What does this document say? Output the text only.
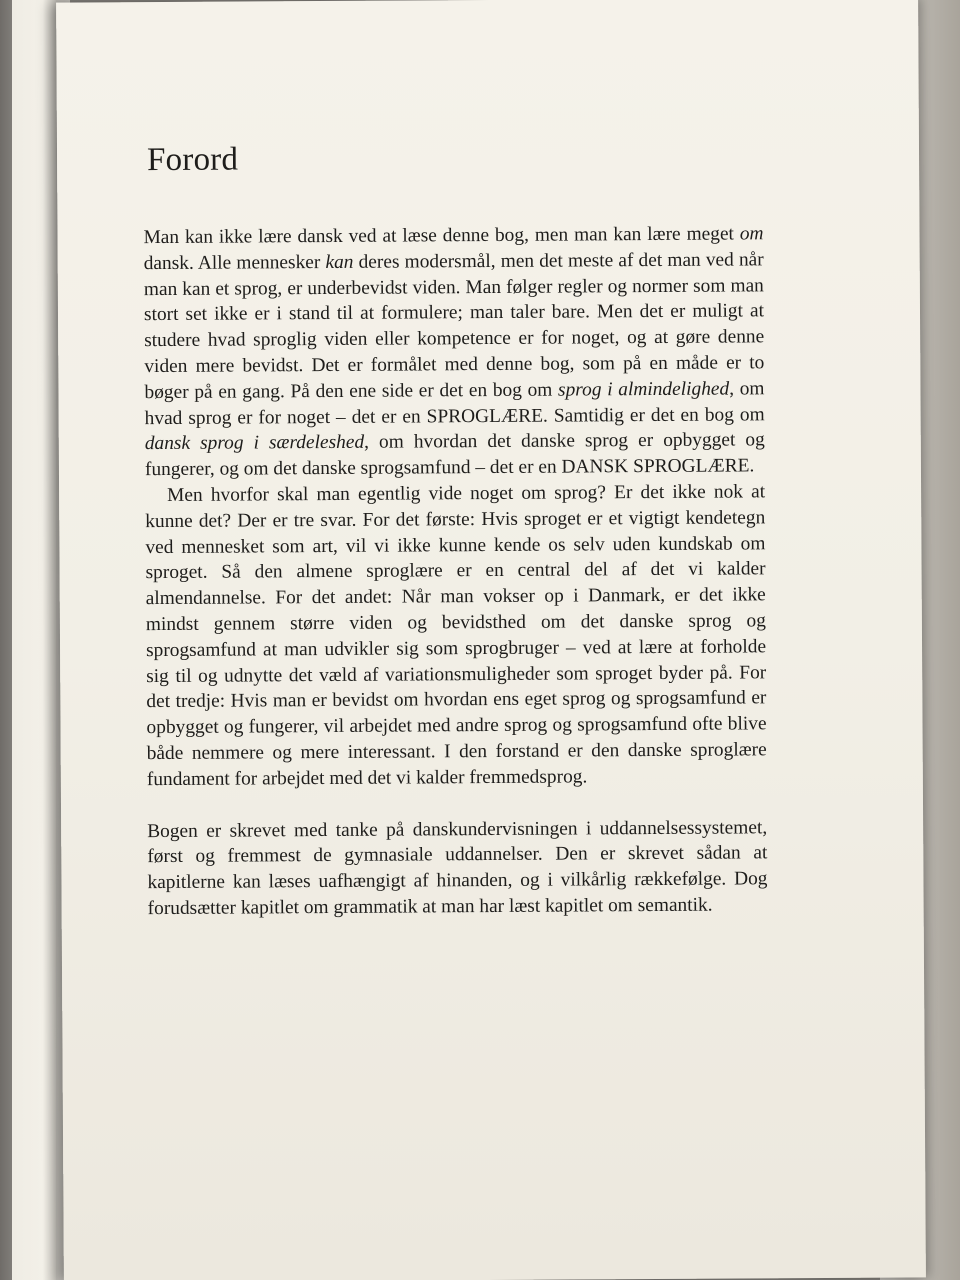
Forord

Man kan ikke lære dansk ved at læse denne bog, men man kan lære meget om dansk. Alle mennesker kan deres modersmål, men det meste af det man ved når man kan et sprog, er underbevidst viden. Man følger regler og normer som man stort set ikke er i stand til at formulere; man taler bare. Men det er muligt at studere hvad sproglig viden eller kompetence er for noget, og at gøre denne viden mere bevidst. Det er formålet med denne bog, som på en måde er to bøger på en gang. På den ene side er det en bog om sprog i almindelighed, om hvad sprog er for noget – det er en SPROGLÆRE. Samtidig er det en bog om dansk sprog i særdeleshed, om hvordan det danske sprog er opbygget og fungerer, og om det danske sprogsamfund – det er en DANSK SPROGLÆRE.

Men hvorfor skal man egentlig vide noget om sprog? Er det ikke nok at kunne det? Der er tre svar. For det første: Hvis sproget er et vigtigt kendetegn ved mennesket som art, vil vi ikke kunne kende os selv uden kundskab om sproget. Så den almene sproglære er en central del af det vi kalder almendannelse. For det andet: Når man vokser op i Danmark, er det ikke mindst gennem større viden og bevidsthed om det danske sprog og sprogsamfund at man udvikler sig som sprogbruger – ved at lære at forholde sig til og udnytte det væld af variationsmuligheder som sproget byder på. For det tredje: Hvis man er bevidst om hvordan ens eget sprog og sprogsamfund er opbygget og fungerer, vil arbejdet med andre sprog og sprogsamfund ofte blive både nemmere og mere interessant. I den forstand er den danske sproglære fundament for arbejdet med det vi kalder fremmedsprog.

Bogen er skrevet med tanke på danskundervisningen i uddannelsessystemet, først og fremmest de gymnasiale uddannelser. Den er skrevet sådan at kapitlerne kan læses uafhængigt af hinanden, og i vilkårlig rækkefølge. Dog forudsætter kapitlet om grammatik at man har læst kapitlet om semantik.
